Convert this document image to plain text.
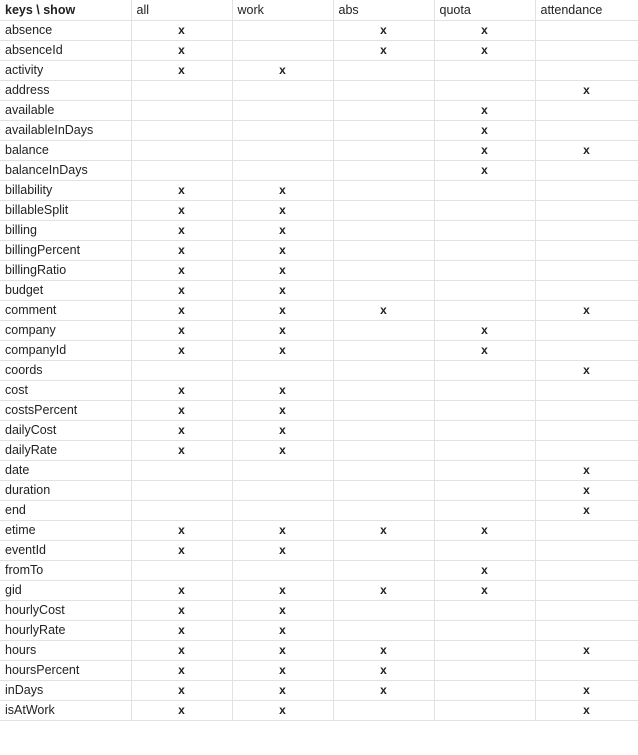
keys \ show	all	work	abs	quota	attendance
absence	x		x	x	
absenceId	x		x	x	
activity	x	x			
address					x
available				x	
availableInDays				x	
balance				x	x
balanceInDays				x	
billability	x	x			
billableSplit	x	x			
billing	x	x			
billingPercent	x	x			
billingRatio	x	x			
budget	x	x			
comment	x	x	x		x
company	x	x		x	
companyId	x	x		x	
coords					x
cost	x	x			
costsPercent	x	x			
dailyCost	x	x			
dailyRate	x	x			
date					x
duration					x
end					x
etime	x	x	x	x	
eventId	x	x			
fromTo				x	
gid	x	x	x	x	
hourlyCost	x	x			
hourlyRate	x	x			
hours	x	x	x		x
hoursPercent	x	x	x		
inDays	x	x	x		x
isAtWork	x	x			x
